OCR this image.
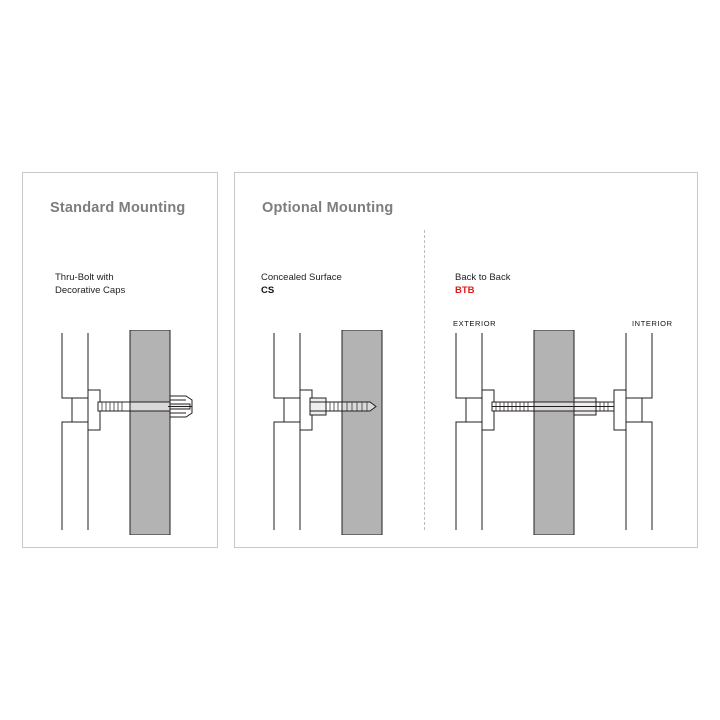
Standard Mounting	Optional Mounting
Thru-Bolt with
Decorative Caps
Concealed Surface
CS
Back to Back
BTB
EXTERIOR	INTERIOR
